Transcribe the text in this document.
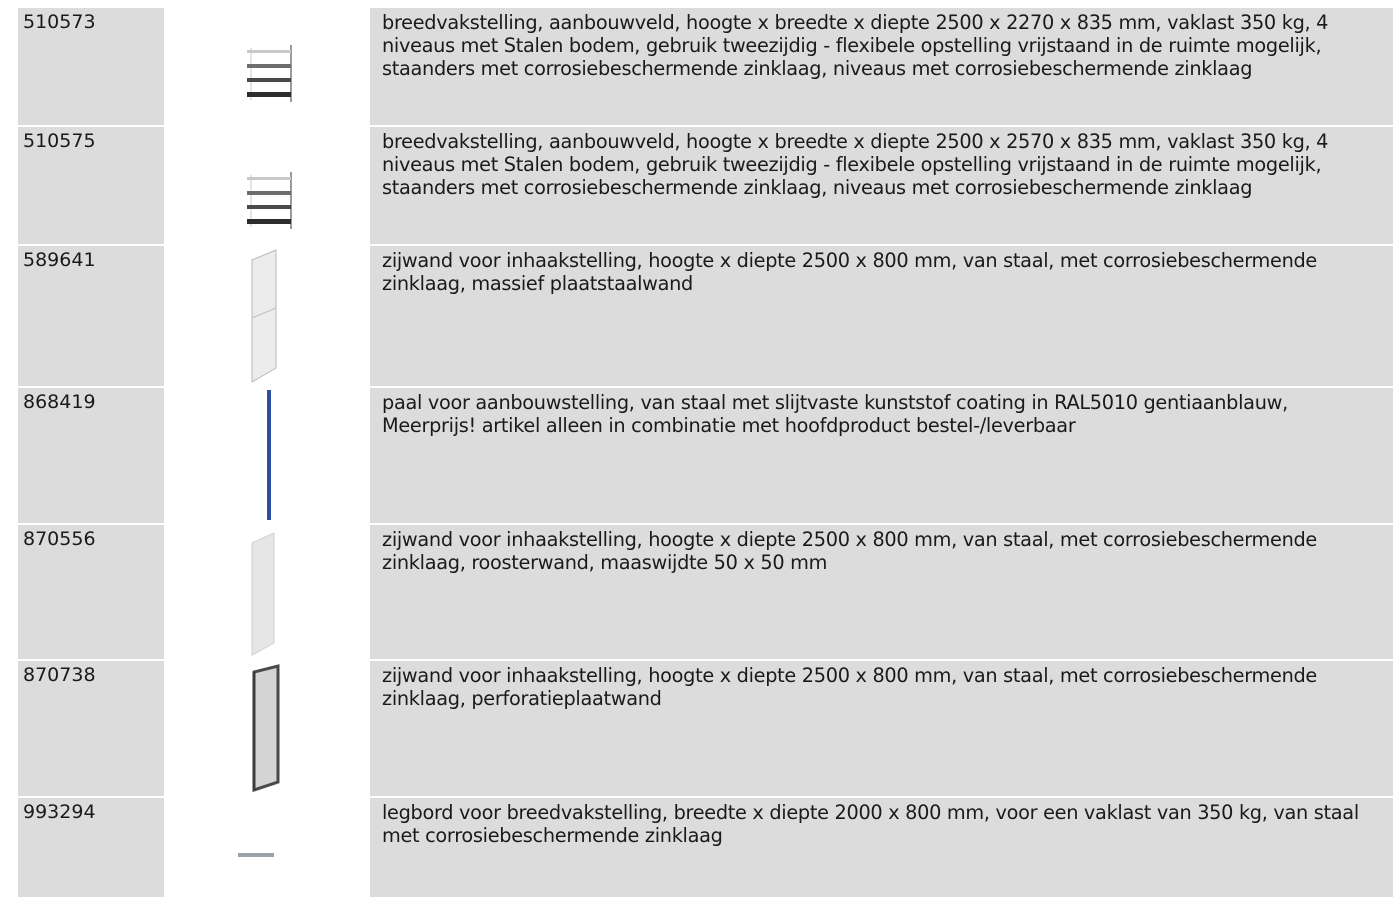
510573	breedvakstelling, aanbouwveld, hoogte x breedte x diepte 2500 x 2270 x 835 mm, vaklast 350 kg, 4 niveaus met Stalen bodem, gebruik tweezijdig - flexibele opstelling vrijstaand in de ruimte mogelijk, staanders met corrosiebeschermende zinklaag, niveaus met corrosiebeschermende zinklaag
510575	breedvakstelling, aanbouwveld, hoogte x breedte x diepte 2500 x 2570 x 835 mm, vaklast 350 kg, 4 niveaus met Stalen bodem, gebruik tweezijdig - flexibele opstelling vrijstaand in de ruimte mogelijk, staanders met corrosiebeschermende zinklaag, niveaus met corrosiebeschermende zinklaag
589641	zijwand voor inhaakstelling, hoogte x diepte 2500 x 800 mm, van staal, met corrosiebeschermende zinklaag, massief plaatstaalwand
868419	paal voor aanbouwstelling, van staal met slijtvaste kunststof coating in RAL5010 gentiaanblauw, Meerprijs! artikel alleen in combinatie met hoofdproduct bestel-/leverbaar
870556	zijwand voor inhaakstelling, hoogte x diepte 2500 x 800 mm, van staal, met corrosiebeschermende zinklaag, roosterwand, maaswijdte 50 x 50 mm
870738	zijwand voor inhaakstelling, hoogte x diepte 2500 x 800 mm, van staal, met corrosiebeschermende zinklaag, perforatieplaatwand
993294	legbord voor breedvakstelling, breedte x diepte 2000 x 800 mm, voor een vaklast van 350 kg, van staal met corrosiebeschermende zinklaag
